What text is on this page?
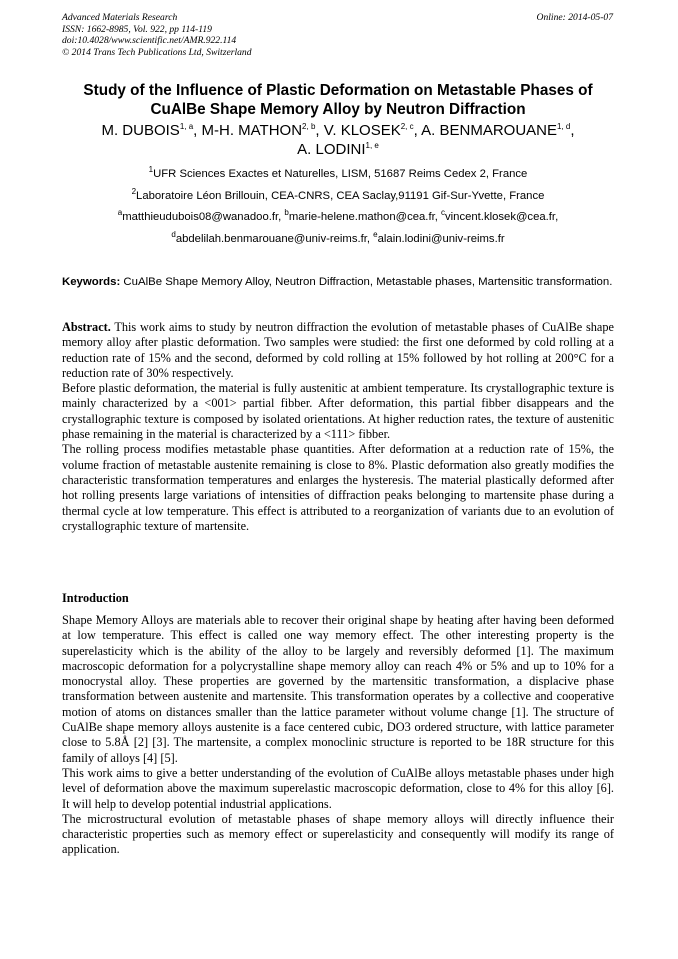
Advanced Materials Research
ISSN: 1662-8985, Vol. 922, pp 114-119
doi:10.4028/www.scientific.net/AMR.922.114
© 2014 Trans Tech Publications Ltd, Switzerland
Online: 2014-05-07
Study of the Influence of Plastic Deformation on Metastable Phases of
CuAlBe Shape Memory Alloy by Neutron Diffraction
M. DUBOIS$^{1, a}$, M-H. MATHON$^{2, b}$, V. KLOSEK$^{2, c}$, A. BENMAROUANE$^{1, d}$,
A. LODINI$^{1, e}$
$^1$UFR Sciences Exactes et Naturelles, LISM, 51687 Reims Cedex 2, France
$^2$Laboratoire Léon Brillouin, CEA-CNRS, CEA Saclay,91191 Gif-Sur-Yvette, France
$^a$matthieudubois08@wanadoo.fr, $^b$marie-helene.mathon@cea.fr, $^c$vincent.klosek@cea.fr,
$^d$abdelilah.benmarouane@univ-reims.fr, $^e$alain.lodini@univ-reims.fr
Keywords: CuAlBe Shape Memory Alloy, Neutron Diffraction, Metastable phases, Martensitic transformation.

Abstract. This work aims to study by neutron diffraction the evolution of metastable phases of CuAlBe shape memory alloy after plastic deformation. Two samples were studied: the first one deformed by cold rolling at a reduction rate of 15% and the second, deformed by cold rolling at 15% followed by hot rolling at 200°C for a reduction rate of 30% respectively.

Before plastic deformation, the material is fully austenitic at ambient temperature. Its crystallographic texture is mainly characterized by a <001> partial fibber. After deformation, this partial fibber disappears and the crystallographic texture is composed by isolated orientations. At higher reduction rates, the texture of austenitic phase remaining in the material is characterized by a <111> fibber.

The rolling process modifies metastable phase quantities. After deformation at a reduction rate of 15%, the volume fraction of metastable austenite remaining is close to 8%. Plastic deformation also greatly modifies the characteristic transformation temperatures and enlarges the hysteresis. The material plastically deformed after hot rolling presents large variations of intensities of diffraction peaks belonging to martensite phase during a thermal cycle at low temperature. This effect is attributed to a reorganization of variants due to an evolution of crystallographic texture of martensite.

Introduction

Shape Memory Alloys are materials able to recover their original shape by heating after having been deformed at low temperature. This effect is called one way memory effect. The other interesting property is the superelasticity which is the ability of the alloy to be largely and reversibly deformed [1]. The maximum macroscopic deformation for a polycrystalline shape memory alloy can reach 4% or 5% and up to 10% for a monocrystal alloy. These properties are governed by the martensitic transformation, a displacive phase transformation between austenite and martensite. This transformation operates by a collective and cooperative motion of atoms on distances smaller than the lattice parameter without volume change [1]. The structure of CuAlBe shape memory alloys austenite is a face centered cubic, DO3 ordered structure, with lattice parameter close to 5.8Å [2] [3]. The martensite, a complex monoclinic structure is reported to be 18R structure for this family of alloys [4] [5].

This work aims to give a better understanding of the evolution of CuAlBe alloys metastable phases under high level of deformation above the maximum superelastic macroscopic deformation, close to 4% for this alloy [6]. It will help to develop potential industrial applications.

The microstructural evolution of metastable phases of shape memory alloys will directly influence their characteristic properties such as memory effect or superelasticity and consequently will modify its range of application.
